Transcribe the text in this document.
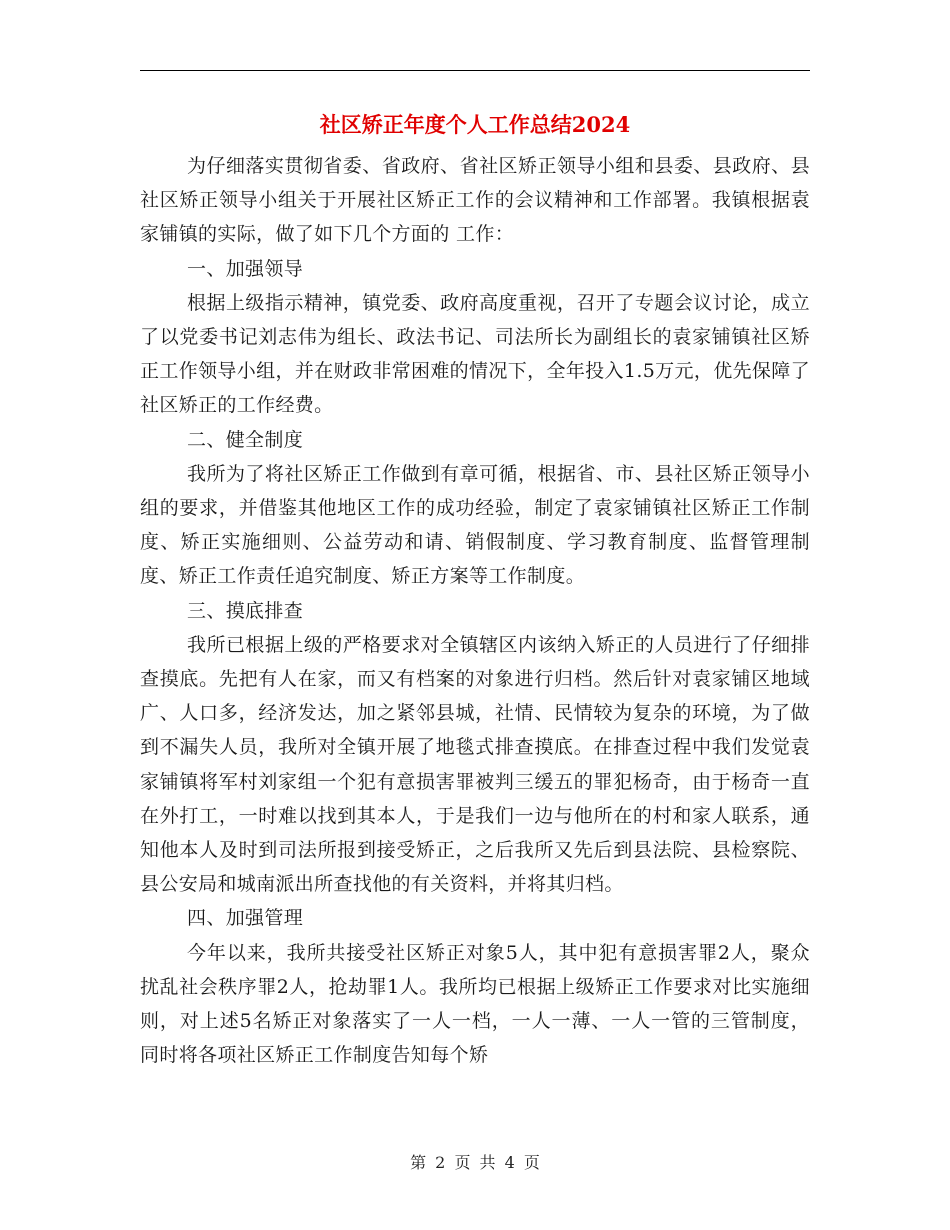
社区矫正年度个人工作总结2024

为仔细落实贯彻省委、省政府、省社区矫正领导小组和县委、县政府、县社区矫正领导小组关于开展社区矫正工作的会议精神和工作部署。我镇根据袁家铺镇的实际，做了如下几个方面的 工作：

一、加强领导

根据上级指示精神，镇党委、政府高度重视，召开了专题会议讨论，成立了以党委书记刘志伟为组长、政法书记、司法所长为副组长的袁家铺镇社区矫正工作领导小组，并在财政非常困难的情况下，全年投入1.5万元，优先保障了社区矫正的工作经费。

二、健全制度

我所为了将社区矫正工作做到有章可循，根据省、市、县社区矫正领导小组的要求，并借鉴其他地区工作的成功经验，制定了袁家铺镇社区矫正工作制度、矫正实施细则、公益劳动和请、销假制度、学习教育制度、监督管理制度、矫正工作责任追究制度、矫正方案等工作制度。

三、摸底排查

我所已根据上级的严格要求对全镇辖区内该纳入矫正的人员进行了仔细排查摸底。先把有人在家，而又有档案的对象进行归档。然后针对袁家铺区地域广、人口多，经济发达，加之紧邻县城，社情、民情较为复杂的环境，为了做到不漏失人员，我所对全镇开展了地毯式排查摸底。在排查过程中我们发觉袁家铺镇将军村刘家组一个犯有意损害罪被判三缓五的罪犯杨奇，由于杨奇一直在外打工，一时难以找到其本人，于是我们一边与他所在的村和家人联系，通知他本人及时到司法所报到接受矫正，之后我所又先后到县法院、县检察院、县公安局和城南派出所查找他的有关资料，并将其归档。

四、加强管理

今年以来，我所共接受社区矫正对象5人，其中犯有意损害罪2人，聚众扰乱社会秩序罪2人，抢劫罪1人。我所均已根据上级矫正工作要求对比实施细则，对上述5名矫正对象落实了一人一档，一人一薄、一人一管的三管制度，同时将各项社区矫正工作制度告知每个矫

第 2 页 共 4 页
